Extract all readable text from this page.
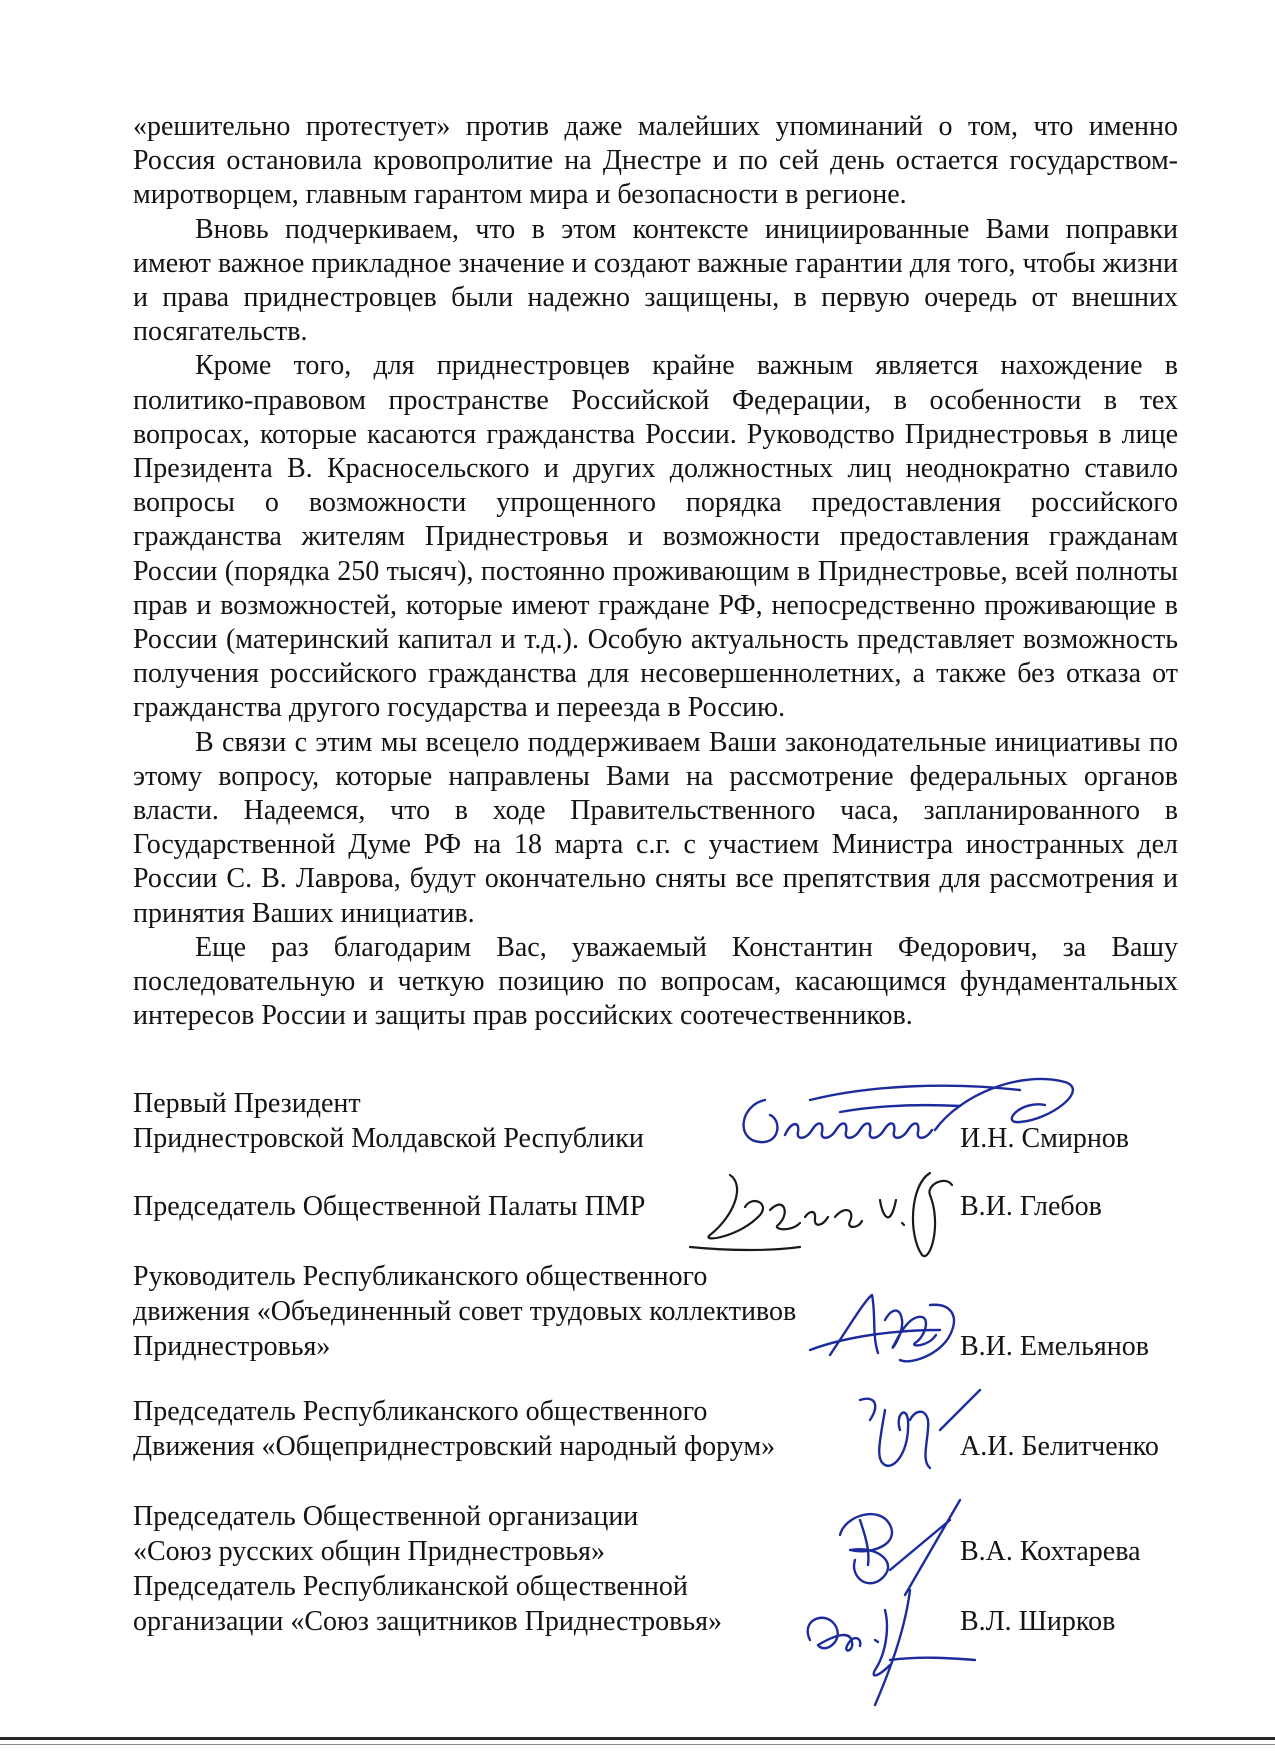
«решительно протестует» против даже малейших упоминаний о том, что именно Россия остановила кровопролитие на Днестре и по сей день остается государством-миротворцем, главным гарантом мира и безопасности в регионе.

Вновь подчеркиваем, что в этом контексте инициированные Вами поправки имеют важное прикладное значение и создают важные гарантии для того, чтобы жизни и права приднестровцев были надежно защищены, в первую очередь от внешних посягательств.

Кроме того, для приднестровцев крайне важным является нахождение в политико-правовом пространстве Российской Федерации, в особенности в тех вопросах, которые касаются гражданства России. Руководство Приднестровья в лице Президента В. Красносельского и других должностных лиц неоднократно ставило вопросы о возможности упрощенного порядка предоставления российского гражданства жителям Приднестровья и возможности предоставления гражданам России (порядка 250 тысяч), постоянно проживающим в Приднестровье, всей полноты прав и возможностей, которые имеют граждане РФ, непосредственно проживающие в России (материнский капитал и т.д.). Особую актуальность представляет возможность получения российского гражданства для несовершеннолетних, а также без отказа от гражданства другого государства и переезда в Россию.

В связи с этим мы всецело поддерживаем Ваши законодательные инициативы по этому вопросу, которые направлены Вами на рассмотрение федеральных органов власти. Надеемся, что в ходе Правительственного часа, запланированного в Государственной Думе РФ на 18 марта с.г. с участием Министра иностранных дел России С. В. Лаврова, будут окончательно сняты все препятствия для рассмотрения и принятия Ваших инициатив.

Еще раз благодарим Вас, уважаемый Константин Федорович, за Вашу последовательную и четкую позицию по вопросам, касающимся фундаментальных интересов России и защиты прав российских соотечественников.

Первый Президент
Приднестровской Молдавской Республики	И.Н. Смирнов
Председатель Общественной Палаты ПМР	В.И. Глебов
Руководитель Республиканского общественного
движения «Объединенный совет трудовых коллективов
Приднестровья»	В.И. Емельянов
Председатель Республиканского общественного
Движения «Общеприднестровский народный форум»	А.И. Белитченко
Председатель Общественной организации
«Союз русских общин Приднестровья»	В.А. Кохтарева
Председатель Республиканской общественной
организации «Союз защитников Приднестровья»	В.Л. Ширков
